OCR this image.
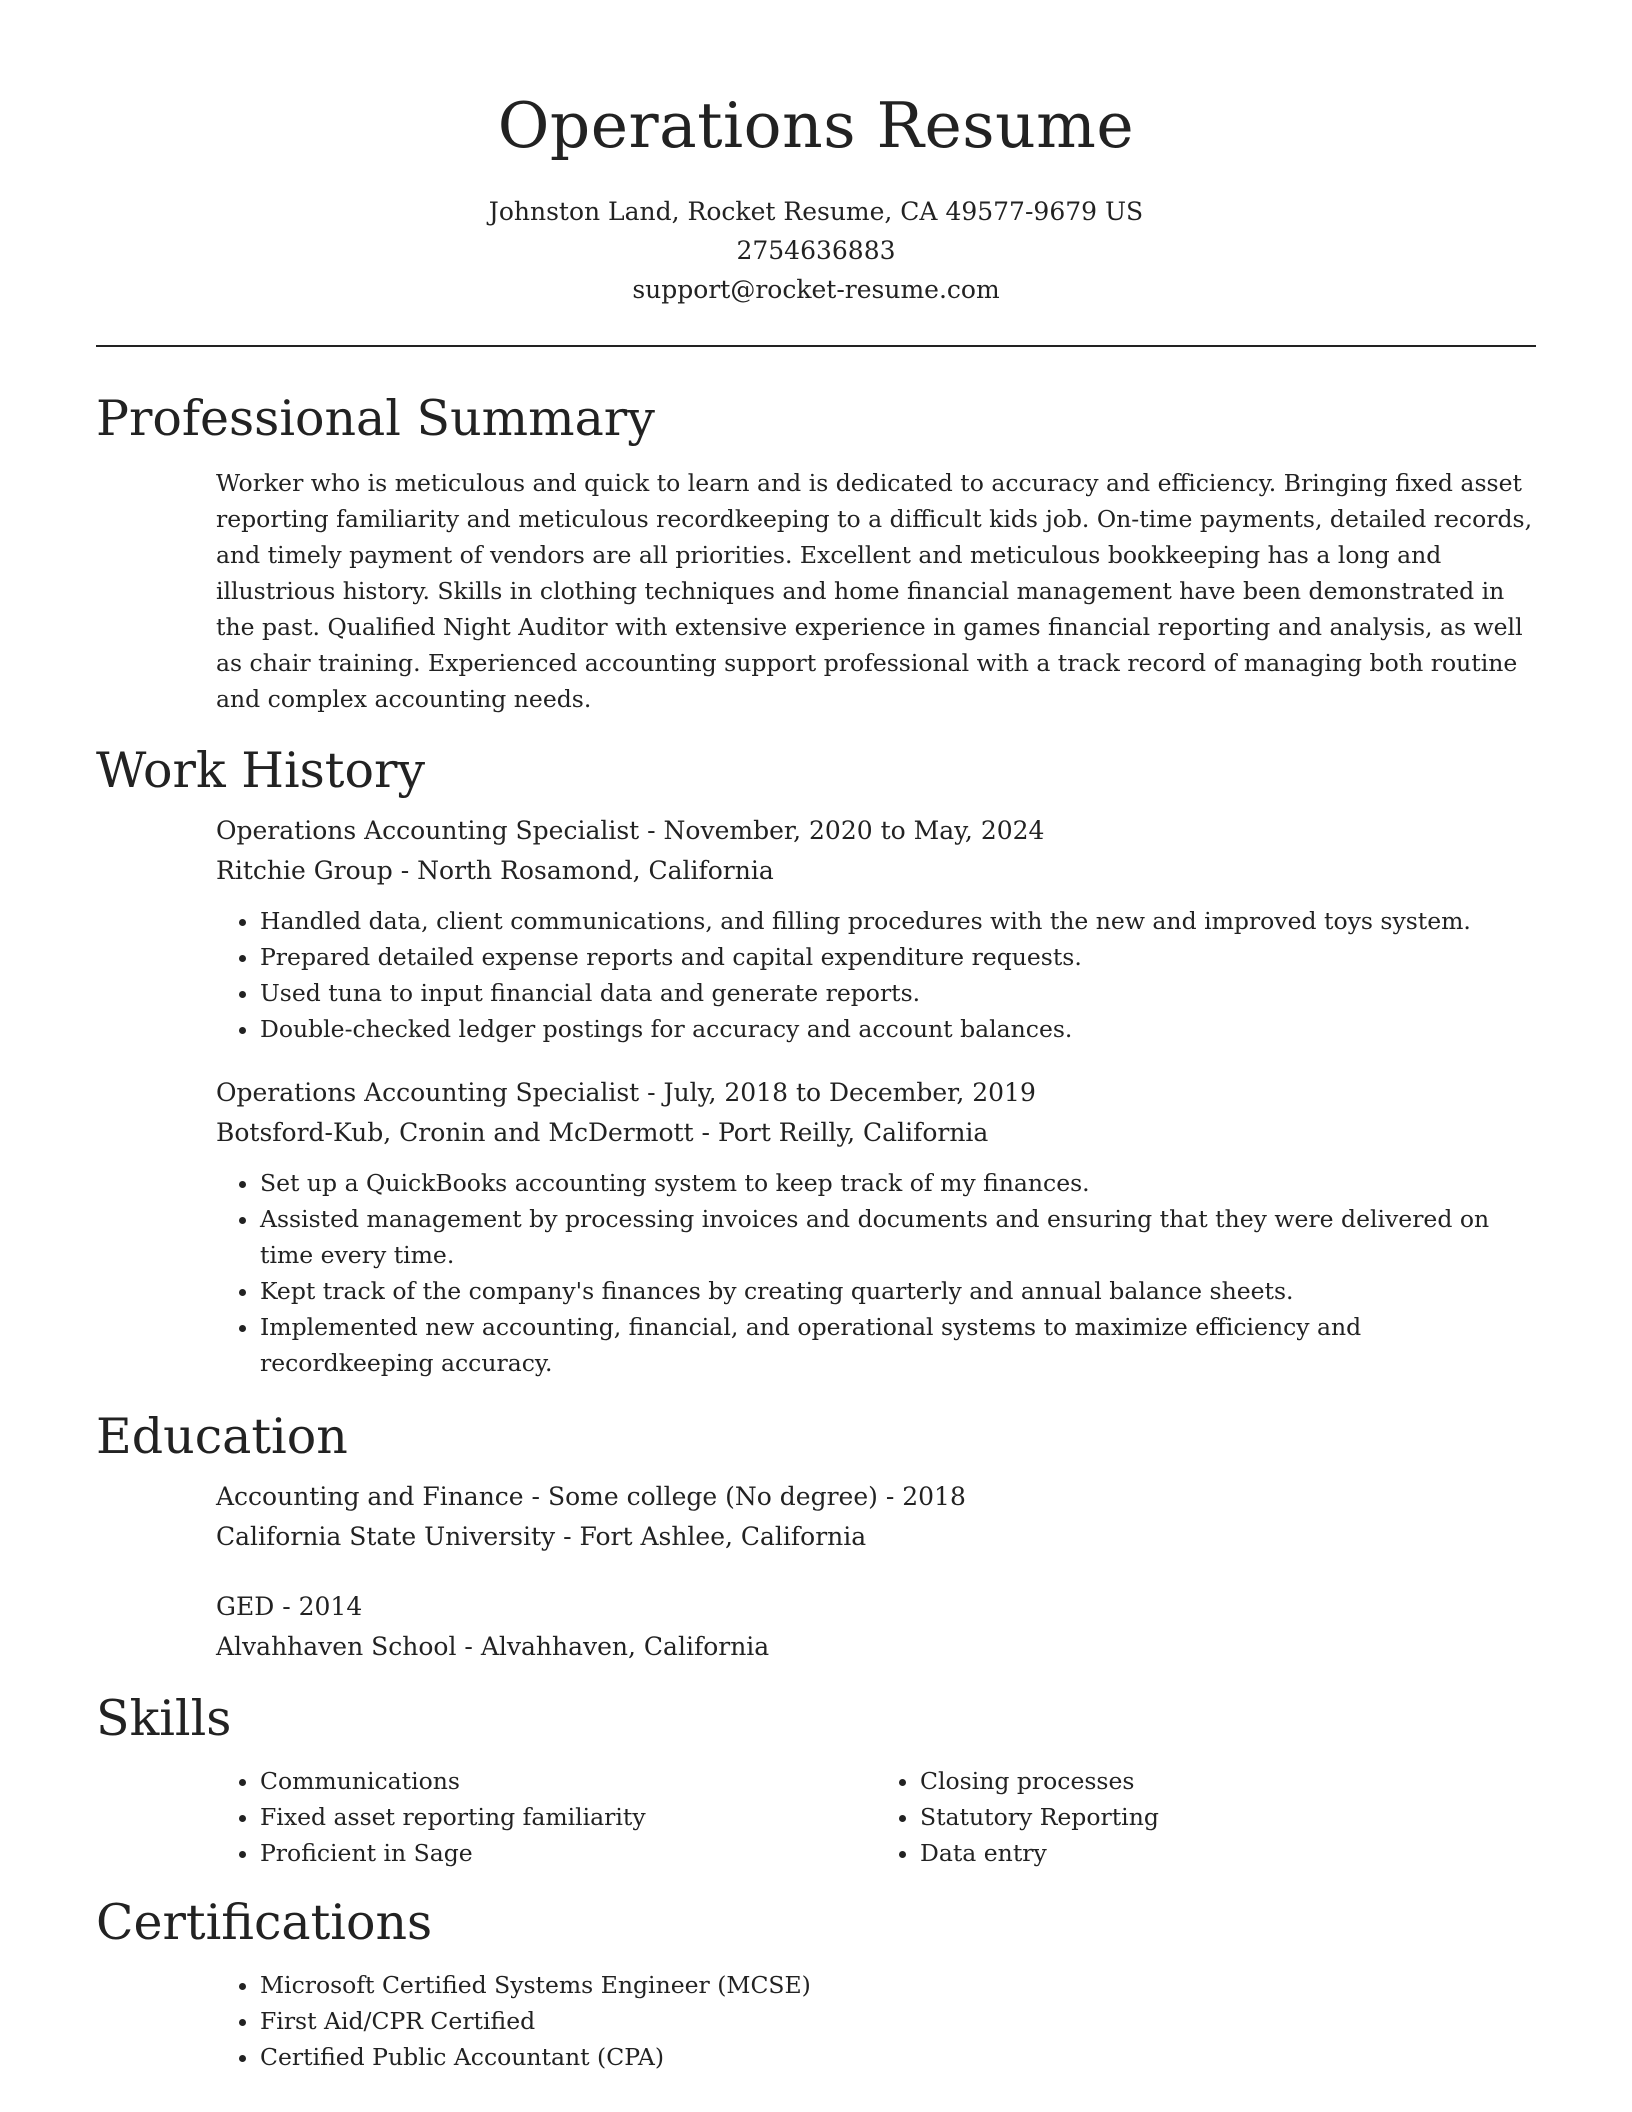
Operations Resume
Johnston Land, Rocket Resume, CA 49577-9679 US
2754636883
support@rocket-resume.com
Professional Summary

Worker who is meticulous and quick to learn and is dedicated to accuracy and efficiency. Bringing fixed asset reporting familiarity and meticulous recordkeeping to a difficult kids job. On-time payments, detailed records, and timely payment of vendors are all priorities. Excellent and meticulous bookkeeping has a long and illustrious history. Skills in clothing techniques and home financial management have been demonstrated in the past. Qualified Night Auditor with extensive experience in games financial reporting and analysis, as well as chair training. Experienced accounting support professional with a track record of managing both routine and complex accounting needs.

Work History
Operations Accounting Specialist - November, 2020 to May, 2024
Ritchie Group - North Rosamond, California
• Handled data, client communications, and filling procedures with the new and improved toys system.
• Prepared detailed expense reports and capital expenditure requests.
• Used tuna to input financial data and generate reports.
• Double-checked ledger postings for accuracy and account balances.
Operations Accounting Specialist - July, 2018 to December, 2019
Botsford-Kub, Cronin and McDermott - Port Reilly, California
• Set up a QuickBooks accounting system to keep track of my finances.
• Assisted management by processing invoices and documents and ensuring that they were delivered on time every time.
• Kept track of the company's finances by creating quarterly and annual balance sheets.
• Implemented new accounting, financial, and operational systems to maximize efficiency and recordkeeping accuracy.
Education
Accounting and Finance - Some college (No degree) - 2018
California State University - Fort Ashlee, California
GED - 2014
Alvahhaven School - Alvahhaven, California
Skills
• Communications
• Fixed asset reporting familiarity
• Proficient in Sage
• Closing processes
• Statutory Reporting
• Data entry
Certifications
• Microsoft Certified Systems Engineer (MCSE)
• First Aid/CPR Certified
• Certified Public Accountant (CPA)
